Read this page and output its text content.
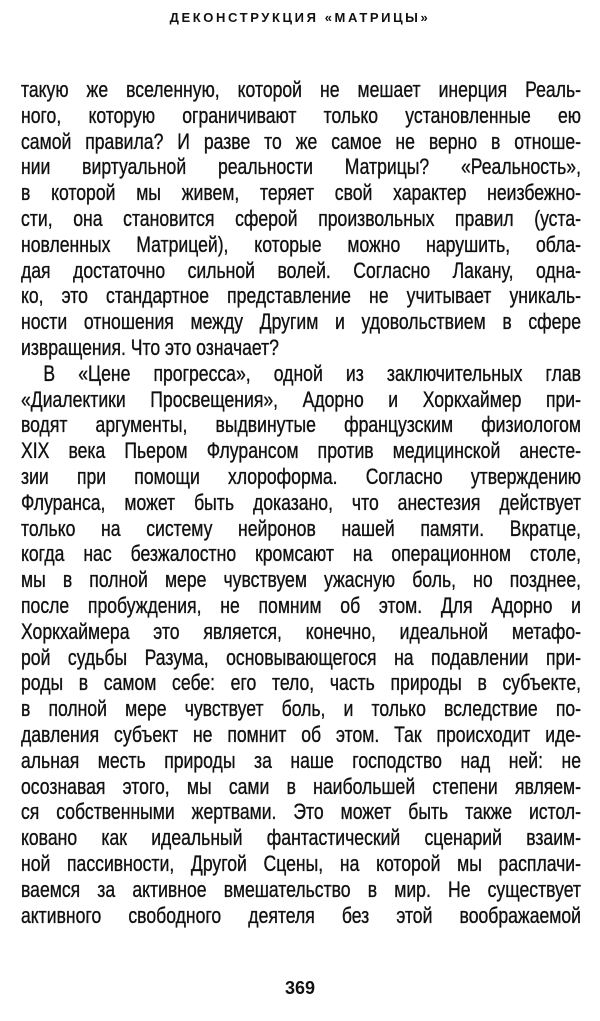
ДЕКОНСТРУКЦИЯ «МАТРИЦЫ»
такую же вселенную, которой не мешает инерция Реаль-
ного, которую ограничивают только установленные ею
самой правила? И разве то же самое не верно в отноше-
нии виртуальной реальности Матрицы? «Реальность»,
в которой мы живем, теряет свой характер неизбежно-
сти, она становится сферой произвольных правил (уста-
новленных Матрицей), которые можно нарушить, обла-
дая достаточно сильной волей. Согласно Лакану, одна-
ко, это стандартное представление не учитывает уникаль-
ности отношения между Другим и удовольствием в сфере
извращения. Что это означает?
В «Цене прогресса», одной из заключительных глав
«Диалектики Просвещения», Адорно и Хоркхаймер при-
водят аргументы, выдвинутые французским физиологом
XIX века Пьером Флурансом против медицинской анесте-
зии при помощи хлороформа. Согласно утверждению
Флуранса, может быть доказано, что анестезия действует
только на систему нейронов нашей памяти. Вкратце,
когда нас безжалостно кромсают на операционном столе,
мы в полной мере чувствуем ужасную боль, но позднее,
после пробуждения, не помним об этом. Для Адорно и
Хоркхаймера это является, конечно, идеальной метафо-
рой судьбы Разума, основывающегося на подавлении при-
роды в самом себе: его тело, часть природы в субъекте,
в полной мере чувствует боль, и только вследствие по-
давления субъект не помнит об этом. Так происходит иде-
альная месть природы за наше господство над ней: не
осознавая этого, мы сами в наибольшей степени являем-
ся собственными жертвами. Это может быть также истол-
ковано как идеальный фантастический сценарий взаим-
ной пассивности, Другой Сцены, на которой мы расплачи-
ваемся за активное вмешательство в мир. Не существует
активного свободного деятеля без этой воображаемой
369
